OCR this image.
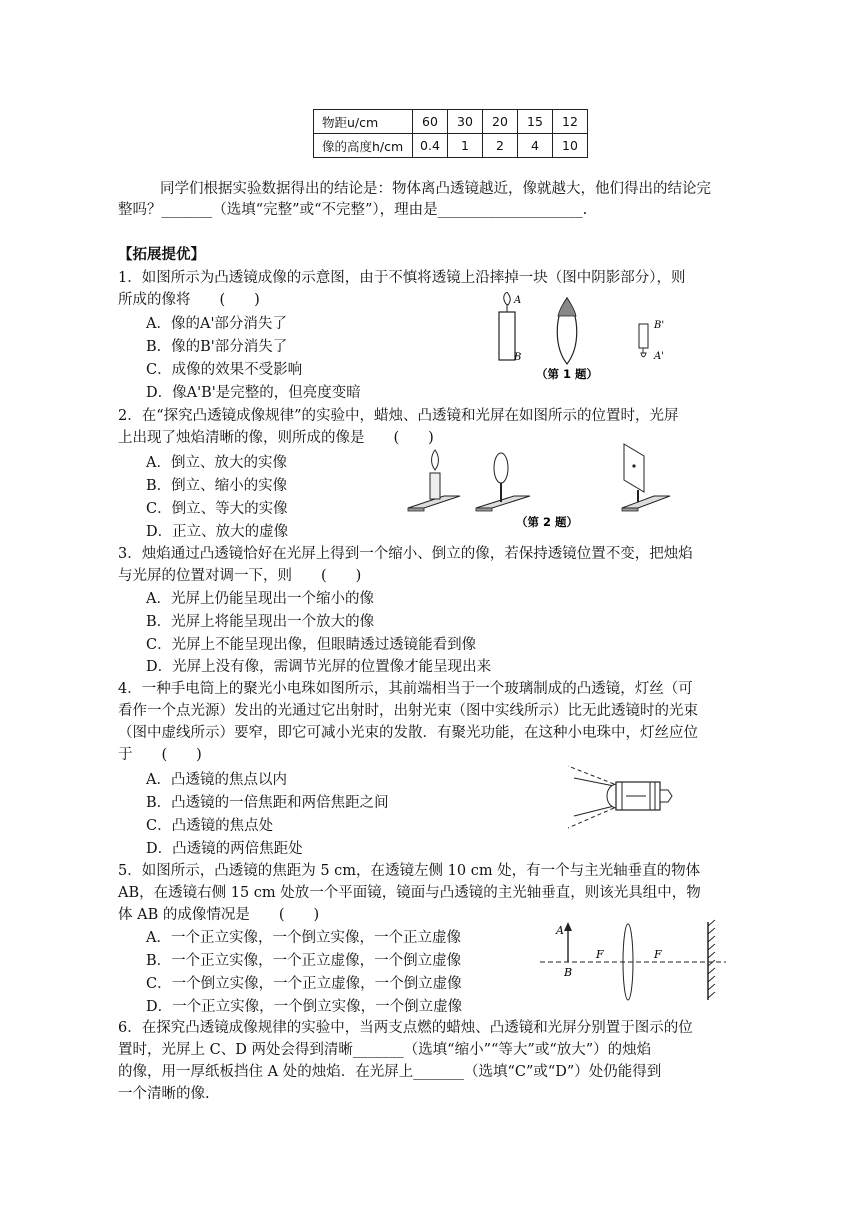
物距u/cm	60	30	20	15	12
像的高度h/cm	0.4	1	2	4	10
同学们根据实验数据得出的结论是：物体离凸透镜越近，像就越大，他们得出的结论完
整吗？_______（选填“完整”或“不完整”），理由是____________________.
【拓展提优】
1．如图所示为凸透镜成像的示意图，由于不慎将透镜上沿摔掉一块（图中阴影部分），则
所成的像将　　(　　)
A．像的A'部分消失了
B．像的B'部分消失了
C．成像的效果不受影响
D．像A'B'是完整的，但亮度变暗
A
B
B'
A'
（第 1 题）
2．在“探究凸透镜成像规律”的实验中，蜡烛、凸透镜和光屏在如图所示的位置时，光屏
上出现了烛焰清晰的像，则所成的像是　　(　　)
A．倒立、放大的实像
B．倒立、缩小的实像
C．倒立、等大的实像
D．正立、放大的虚像
（第 2 题）
3．烛焰通过凸透镜恰好在光屏上得到一个缩小、倒立的像，若保持透镜位置不变，把烛焰
与光屏的位置对调一下，则　　(　　)
A．光屏上仍能呈现出一个缩小的像
B．光屏上将能呈现出一个放大的像
C．光屏上不能呈现出像，但眼睛透过透镜能看到像
D．光屏上没有像，需调节光屏的位置像才能呈现出来
4．一种手电筒上的聚光小电珠如图所示，其前端相当于一个玻璃制成的凸透镜，灯丝（可
看作一个点光源）发出的光通过它出射时，出射光束（图中实线所示）比无此透镜时的光束
（图中虚线所示）要窄，即它可减小光束的发散．有聚光功能，在这种小电珠中，灯丝应位
于　　(　　)
A．凸透镜的焦点以内
B．凸透镜的一倍焦距和两倍焦距之间
C．凸透镜的焦点处
D．凸透镜的两倍焦距处
5．如图所示，凸透镜的焦距为 5 cm，在透镜左侧 10 cm 处，有一个与主光轴垂直的物体
AB，在透镜右侧 15 cm 处放一个平面镜，镜面与凸透镜的主光轴垂直，则该光具组中，物
体 AB 的成像情况是　　(　　)
A．一个正立实像，一个倒立实像，一个正立虚像
B．一个正立实像，一个正立虚像，一个倒立虚像
C．一个倒立实像，一个正立虚像，一个倒立虚像
D．一个正立实像，一个倒立实像，一个倒立虚像
A
B
F	F
6．在探究凸透镜成像规律的实验中，当两支点燃的蜡烛、凸透镜和光屏分别置于图示的位
置时，光屏上 C、D 两处会得到清晰_______（选填“缩小”“等大”或“放大”）的烛焰
的像，用一厚纸板挡住 A 处的烛焰．在光屏上_______（选填“C”或“D”）处仍能得到
一个清晰的像.
